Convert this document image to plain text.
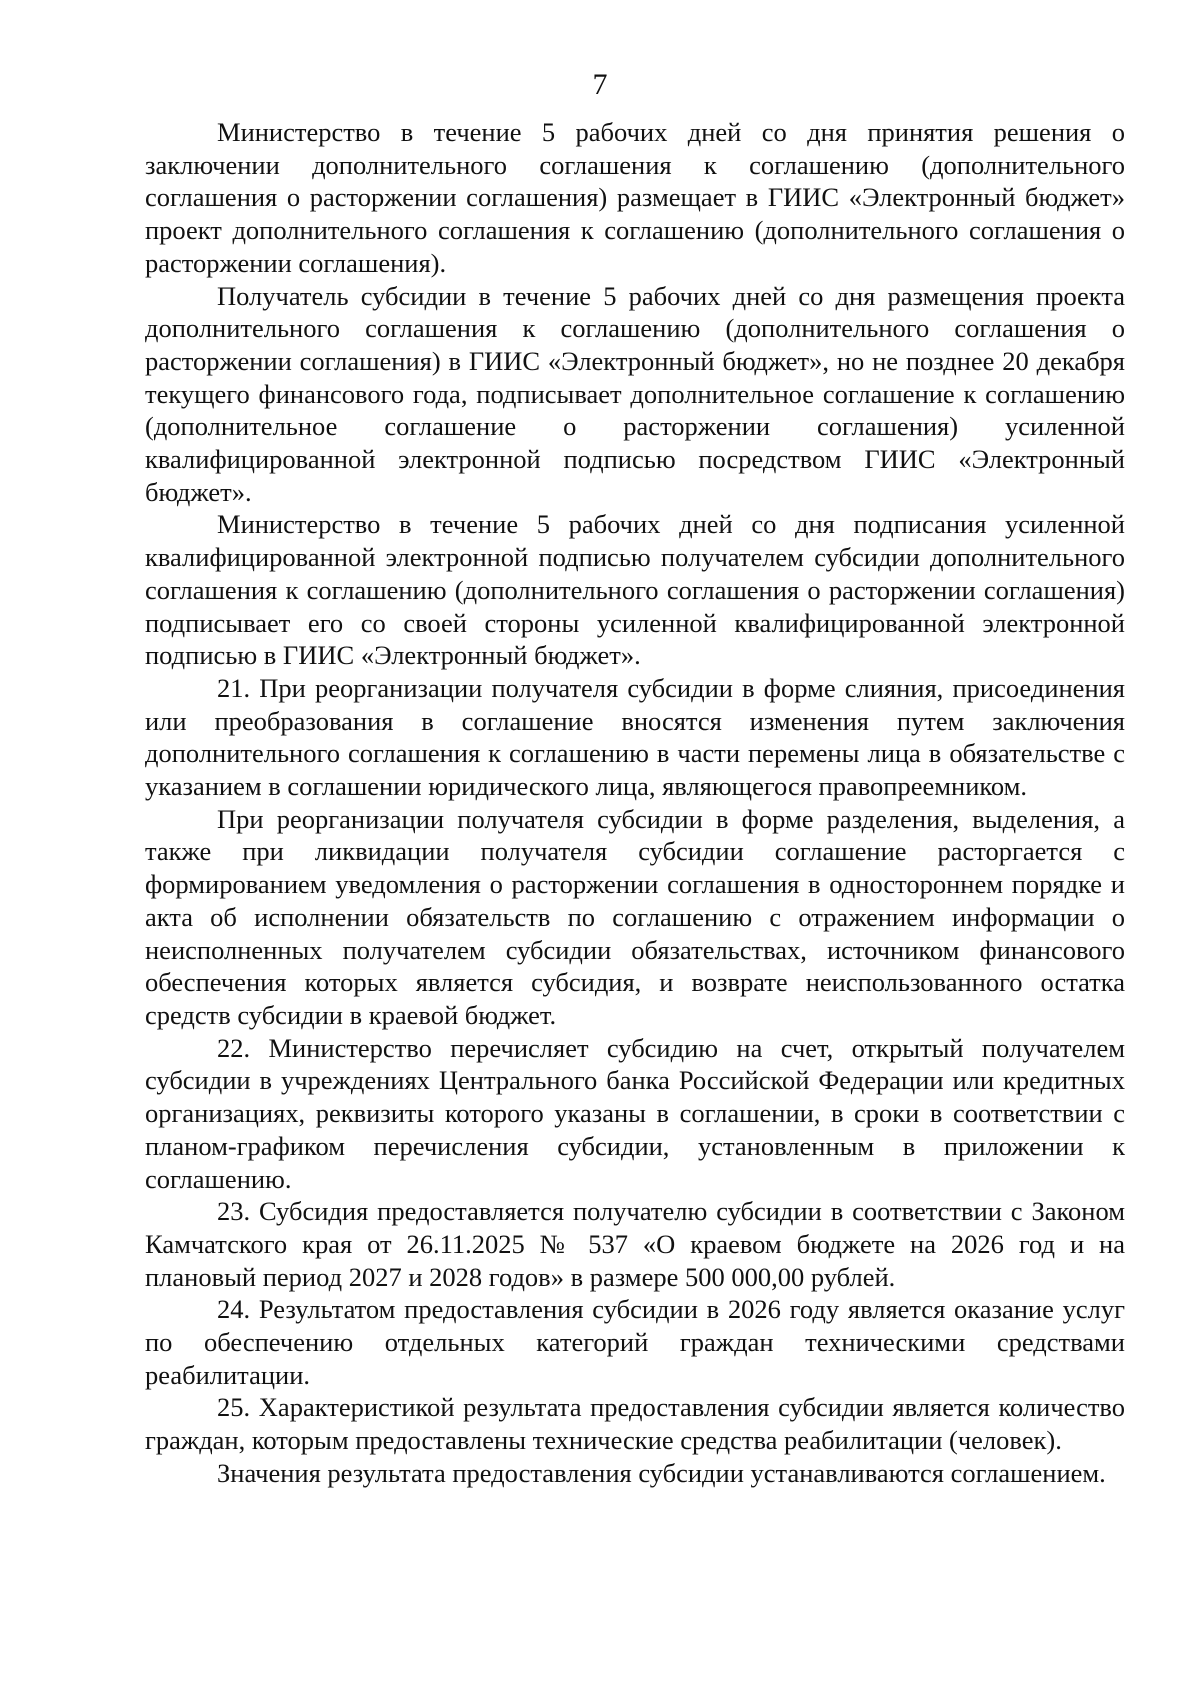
7

Министерство в течение 5 рабочих дней со дня принятия решения о заключении дополнительного соглашения к соглашению (дополнительного соглашения о расторжении соглашения) размещает в ГИИС «Электронный бюджет» проект дополнительного соглашения к соглашению (дополнительного соглашения о расторжении соглашения).

Получатель субсидии в течение 5 рабочих дней со дня размещения проекта дополнительного соглашения к соглашению (дополнительного соглашения о расторжении соглашения) в ГИИС «Электронный бюджет», но не позднее 20 декабря текущего финансового года, подписывает дополнительное соглашение к соглашению (дополнительное соглашение о расторжении соглашения) усиленной квалифицированной электронной подписью посредством ГИИС «Электронный бюджет».

Министерство в течение 5 рабочих дней со дня подписания усиленной квалифицированной электронной подписью получателем субсидии дополнительного соглашения к соглашению (дополнительного соглашения о расторжении соглашения) подписывает его со своей стороны усиленной квалифицированной электронной подписью в ГИИС «Электронный бюджет».

21. При реорганизации получателя субсидии в форме слияния, присоединения или преобразования в соглашение вносятся изменения путем заключения дополнительного соглашения к соглашению в части перемены лица в обязательстве с указанием в соглашении юридического лица, являющегося правопреемником.

При реорганизации получателя субсидии в форме разделения, выделения, а также при ликвидации получателя субсидии соглашение расторгается с формированием уведомления о расторжении соглашения в одностороннем порядке и акта об исполнении обязательств по соглашению с отражением информации о неисполненных получателем субсидии обязательствах, источником финансового обеспечения которых является субсидия, и возврате неиспользованного остатка средств субсидии в краевой бюджет.

22. Министерство перечисляет субсидию на счет, открытый получателем субсидии в учреждениях Центрального банка Российской Федерации или кредитных организациях, реквизиты которого указаны в соглашении, в сроки в соответствии с планом-графиком перечисления субсидии, установленным в приложении к соглашению.

23. Субсидия предоставляется получателю субсидии в соответствии с Законом Камчатского края от 26.11.2025 № 537 «О краевом бюджете на 2026 год и на плановый период 2027 и 2028 годов» в размере 500 000,00 рублей.

24. Результатом предоставления субсидии в 2026 году является оказание услуг по обеспечению отдельных категорий граждан техническими средствами реабилитации.

25. Характеристикой результата предоставления субсидии является количество граждан, которым предоставлены технические средства реабилитации (человек).

Значения результата предоставления субсидии устанавливаются соглашением.
